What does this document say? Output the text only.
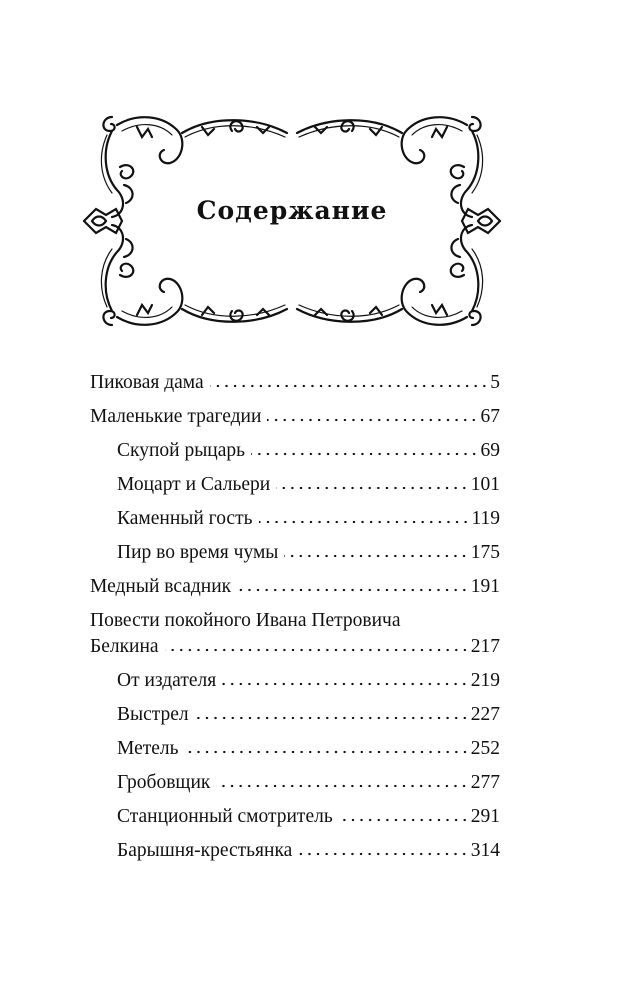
Содержание
Пиковая дама	5
Маленькие трагедии	67
Скупой рыцарь	69
Моцарт и Сальери	101
Каменный гость	119
Пир во время чумы	175
Медный всадник	191
Повести покойного Ивана Петровича
Белкина	217
От издателя	219
Выстрел	227
Метель	252
Гробовщик	277
Станционный смотритель	291
Барышня-крестьянка	314
